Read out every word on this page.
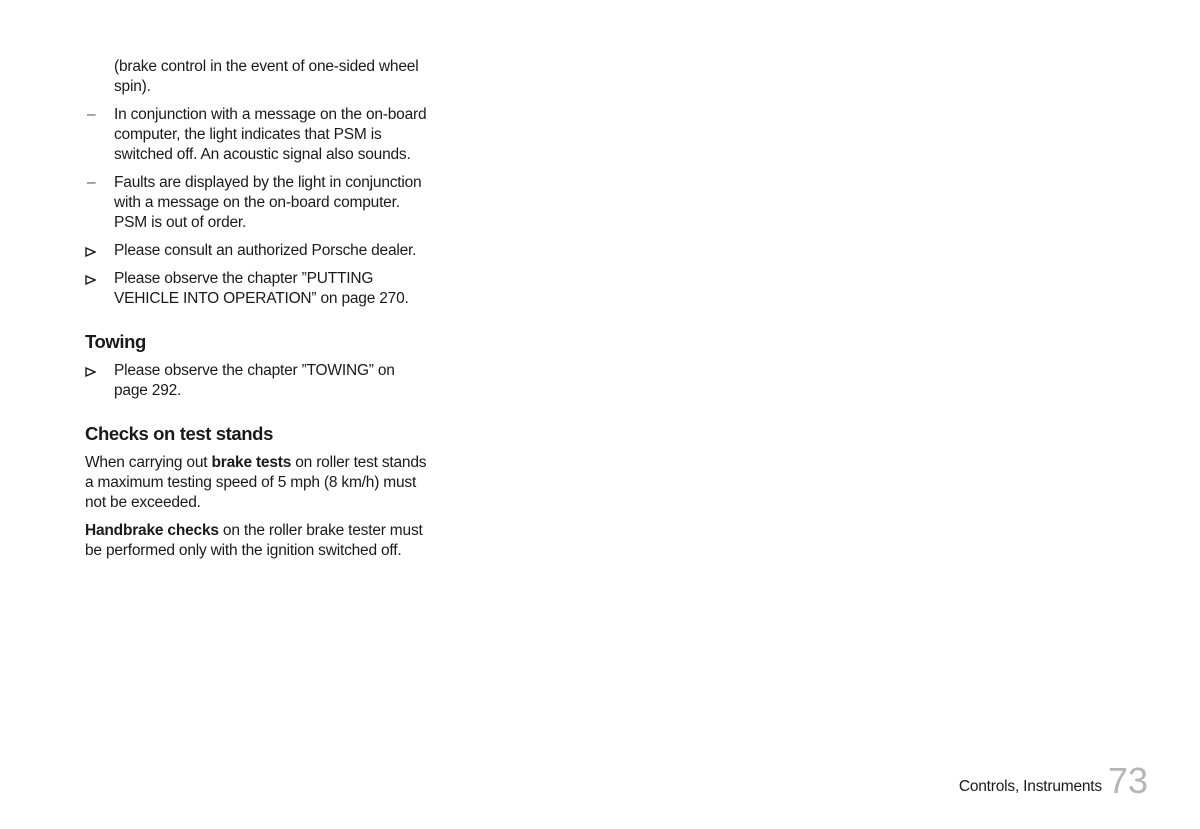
(brake control in the event of one-sided wheel spin).
–	In conjunction with a message on the on-board computer, the light indicates that PSM is switched off. An acoustic signal also sounds.
–	Faults are displayed by the light in conjunction with a message on the on-board computer. PSM is out of order.
Please consult an authorized Porsche dealer.
Please observe the chapter ”PUTTING VEHICLE INTO OPERATION” on page 270.
Towing
Please observe the chapter ”TOWING” on page 292.
Checks on test stands

When carrying out brake tests on roller test stands a maximum testing speed of 5 mph (8 km/h) must not be exceeded.

Handbrake checks on the roller brake tester must be performed only with the ignition switched off.

Controls, Instruments 73
